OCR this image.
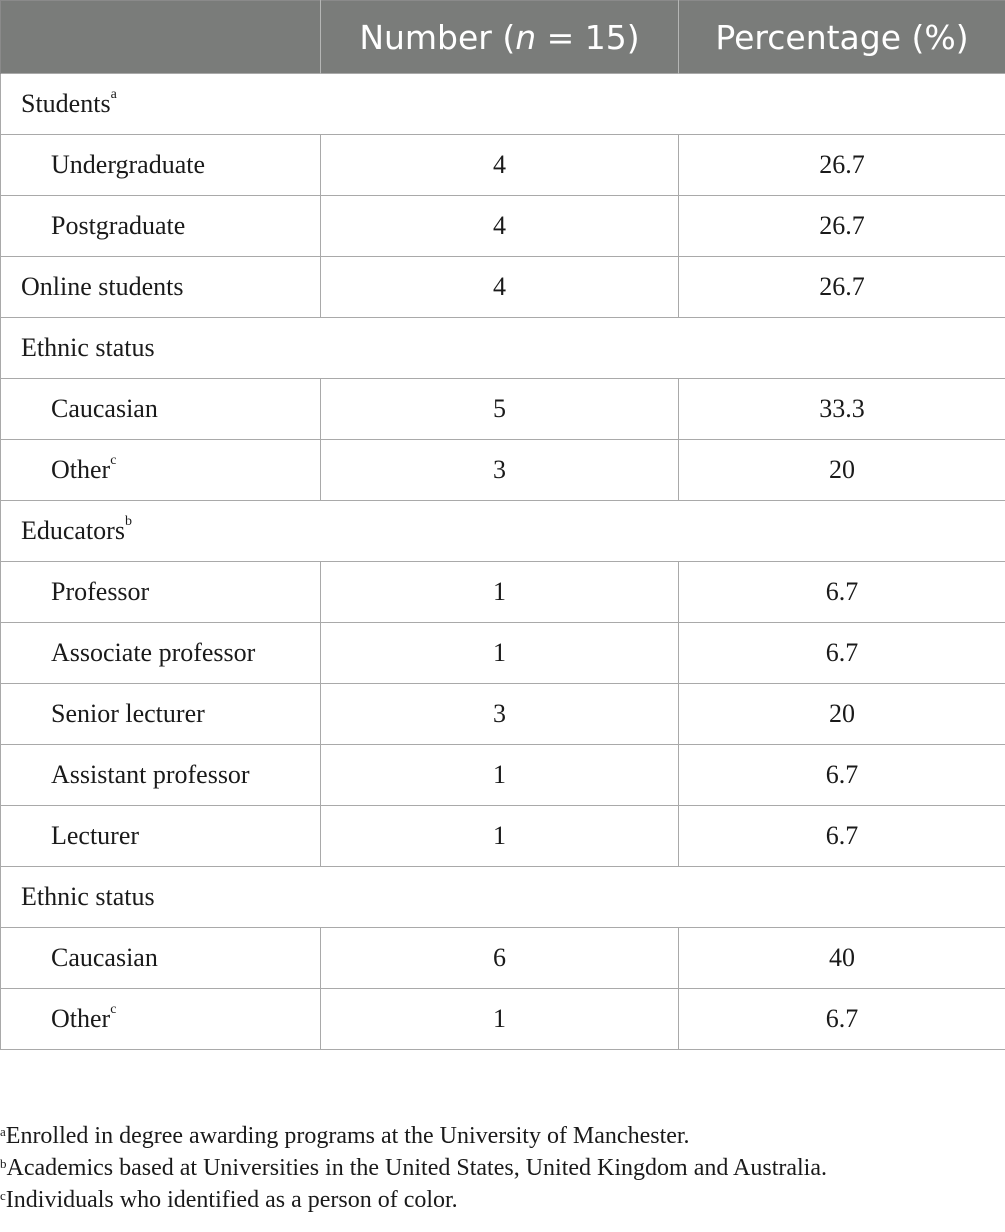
	Number (n = 15)	Percentage (%)
Students$^a$
Undergraduate	4	26.7
Postgraduate	4	26.7
Online students	4	26.7
Ethnic status		
Caucasian	5	33.3
Other$^c$	3	20
Educators$^b$
Professor	1	6.7
Associate professor	1	6.7
Senior lecturer	3	20
Assistant professor	1	6.7
Lecturer	1	6.7
Ethnic status		
Caucasian	6	40
Other$^c$	1	6.7
$^a$Enrolled in degree awarding programs at the University of Manchester.
$^b$Academics based at Universities in the United States, United Kingdom and Australia.
$^c$Individuals who identified as a person of color.
